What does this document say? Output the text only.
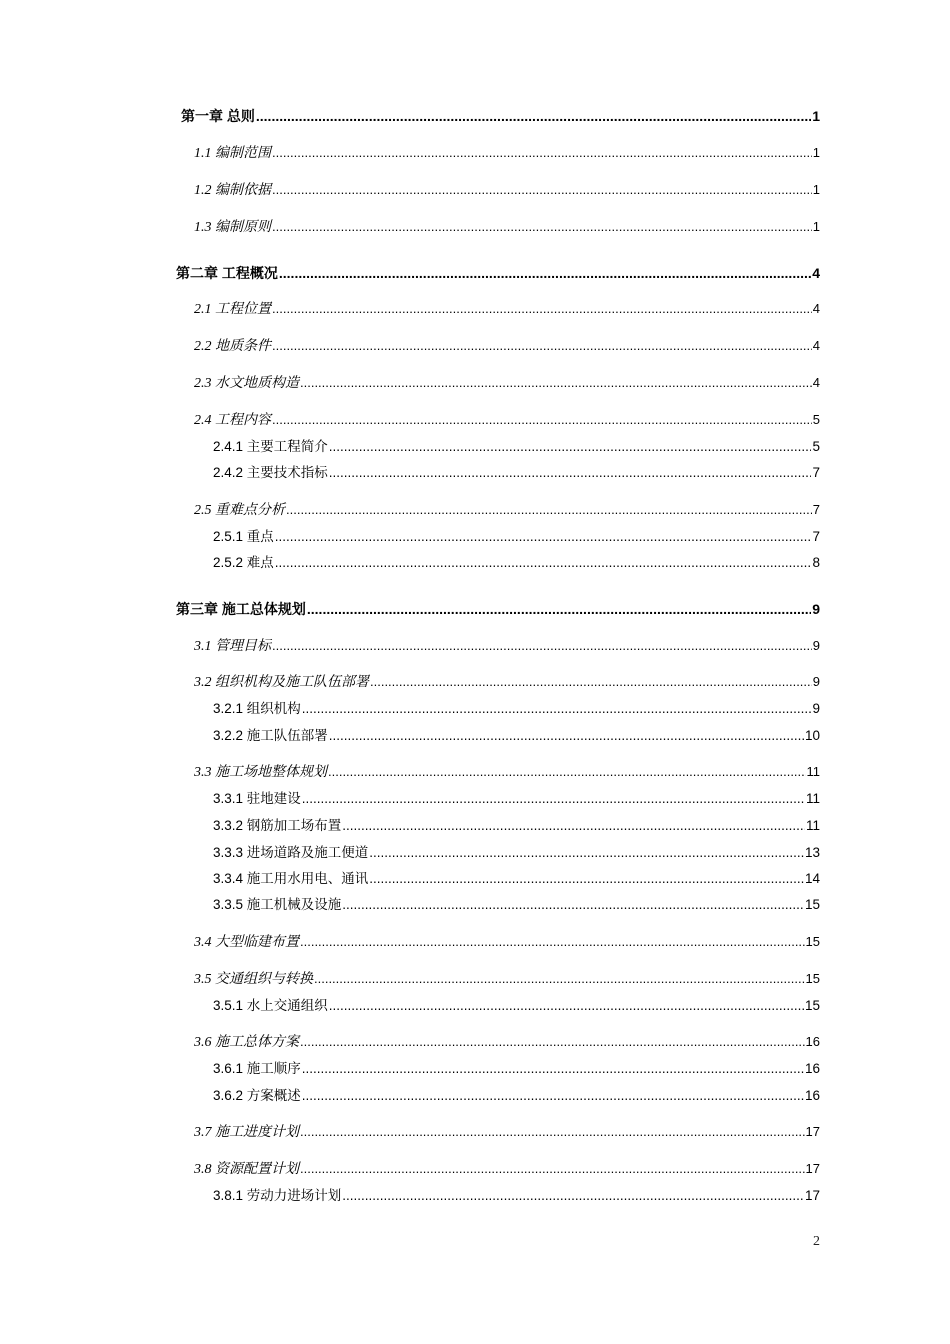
第一章 总则 .....	1
1.1 编制范围 .....	1
1.2 编制依据 .....	1
1.3 编制原则 .....	1
第二章 工程概况 .....	4
2.1 工程位置 .....	4
2.2 地质条件 .....	4
2.3 水文地质构造 .....	4
2.4 工程内容 .....	5
2.4.1 主要工程简介 .....	5
2.4.2 主要技术指标 .....	7
2.5 重难点分析 .....	7
2.5.1 重点 .....	7
2.5.2 难点 .....	8
第三章 施工总体规划 .....	9
3.1 管理目标 .....	9
3.2 组织机构及施工队伍部署 .....	9
3.2.1 组织机构 .....	9
3.2.2 施工队伍部署 .....	10
3.3 施工场地整体规划 .....	11
3.3.1 驻地建设 .....	11
3.3.2 钢筋加工场布置 .....	11
3.3.3 进场道路及施工便道 .....	13
3.3.4 施工用水用电、通讯 .....	14
3.3.5 施工机械及设施 .....	15
3.4 大型临建布置 .....	15
3.5 交通组织与转换 .....	15
3.5.1 水上交通组织 .....	15
3.6 施工总体方案 .....	16
3.6.1 施工顺序 .....	16
3.6.2 方案概述 .....	16
3.7 施工进度计划 .....	17
3.8 资源配置计划 .....	17
3.8.1 劳动力进场计划 .....	17
2
